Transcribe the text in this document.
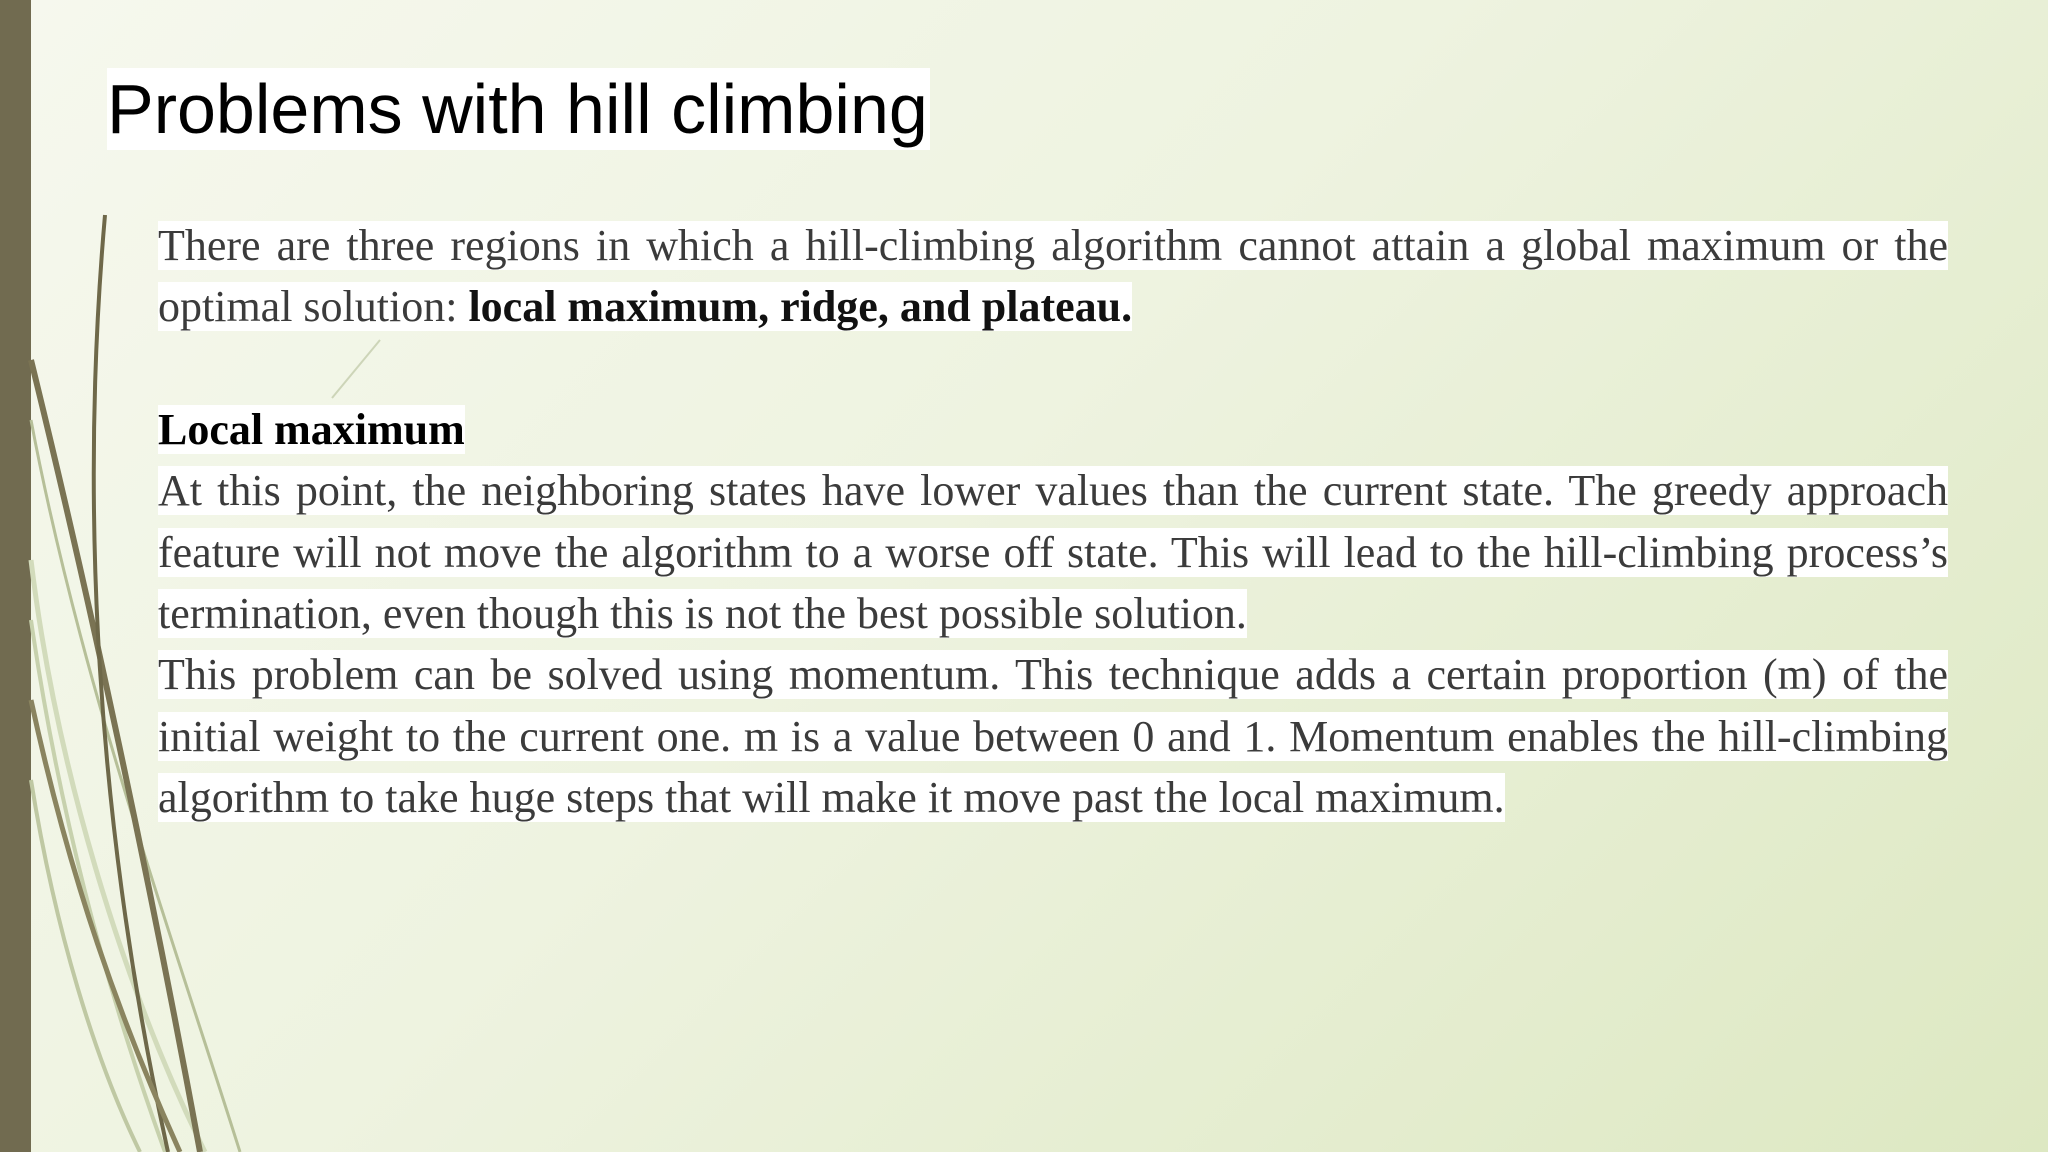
Problems with hill climbing

There are three regions in which a hill-climbing algorithm cannot attain a global maximum or the optimal solution: local maximum, ridge, and plateau.

Local maximum

At this point, the neighboring states have lower values than the current state. The greedy approach feature will not move the algorithm to a worse off state. This will lead to the hill-climbing process’s termination, even though this is not the best possible solution.

This problem can be solved using momentum. This technique adds a certain proportion (m) of the initial weight to the current one. m is a value between 0 and 1. Momentum enables the hill-climbing algorithm to take huge steps that will make it move past the local maximum.
